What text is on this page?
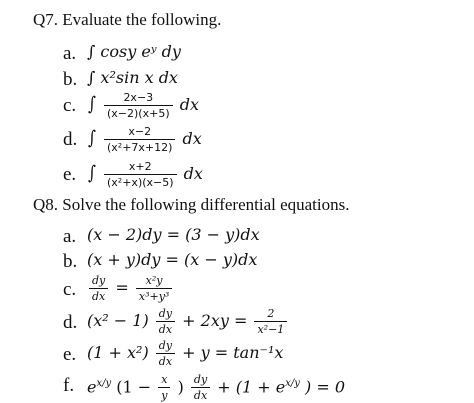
Q7. Evaluate the following.
a. ∫ cosy eʸ dy
b. ∫ x²sin x dx
c. ∫ $\frac{2x-3}{(x-2)(x+5)}$ dx
d. ∫ $\frac{x-2}{\text{(x²+7x+12)}}$ dx
e. ∫ $\frac{x+2}{\text{(x²+x)(x−5)}}$ dx
Q8. Solve the following differential equations.
a. (x − 2)dy = (3 − y)dx
b. (x + y)dy = (x − y)dx
c. $\frac{dy}{dx} = \frac{\text{x²y}}{\text{x³+y³}}$
d. $(x^2 - 1) \frac{dy}{dx} + 2xy = \frac{2}{\text{x²−1}}$
e. $(1 + x^2) \frac{dy}{dx} + y = \tan^{-1}x$
f. $e^{x/y}$ ($1 - \frac{x}{y}$ ) $\frac{dy}{dx} + (1 + e^{x/y}$ ) = 0
